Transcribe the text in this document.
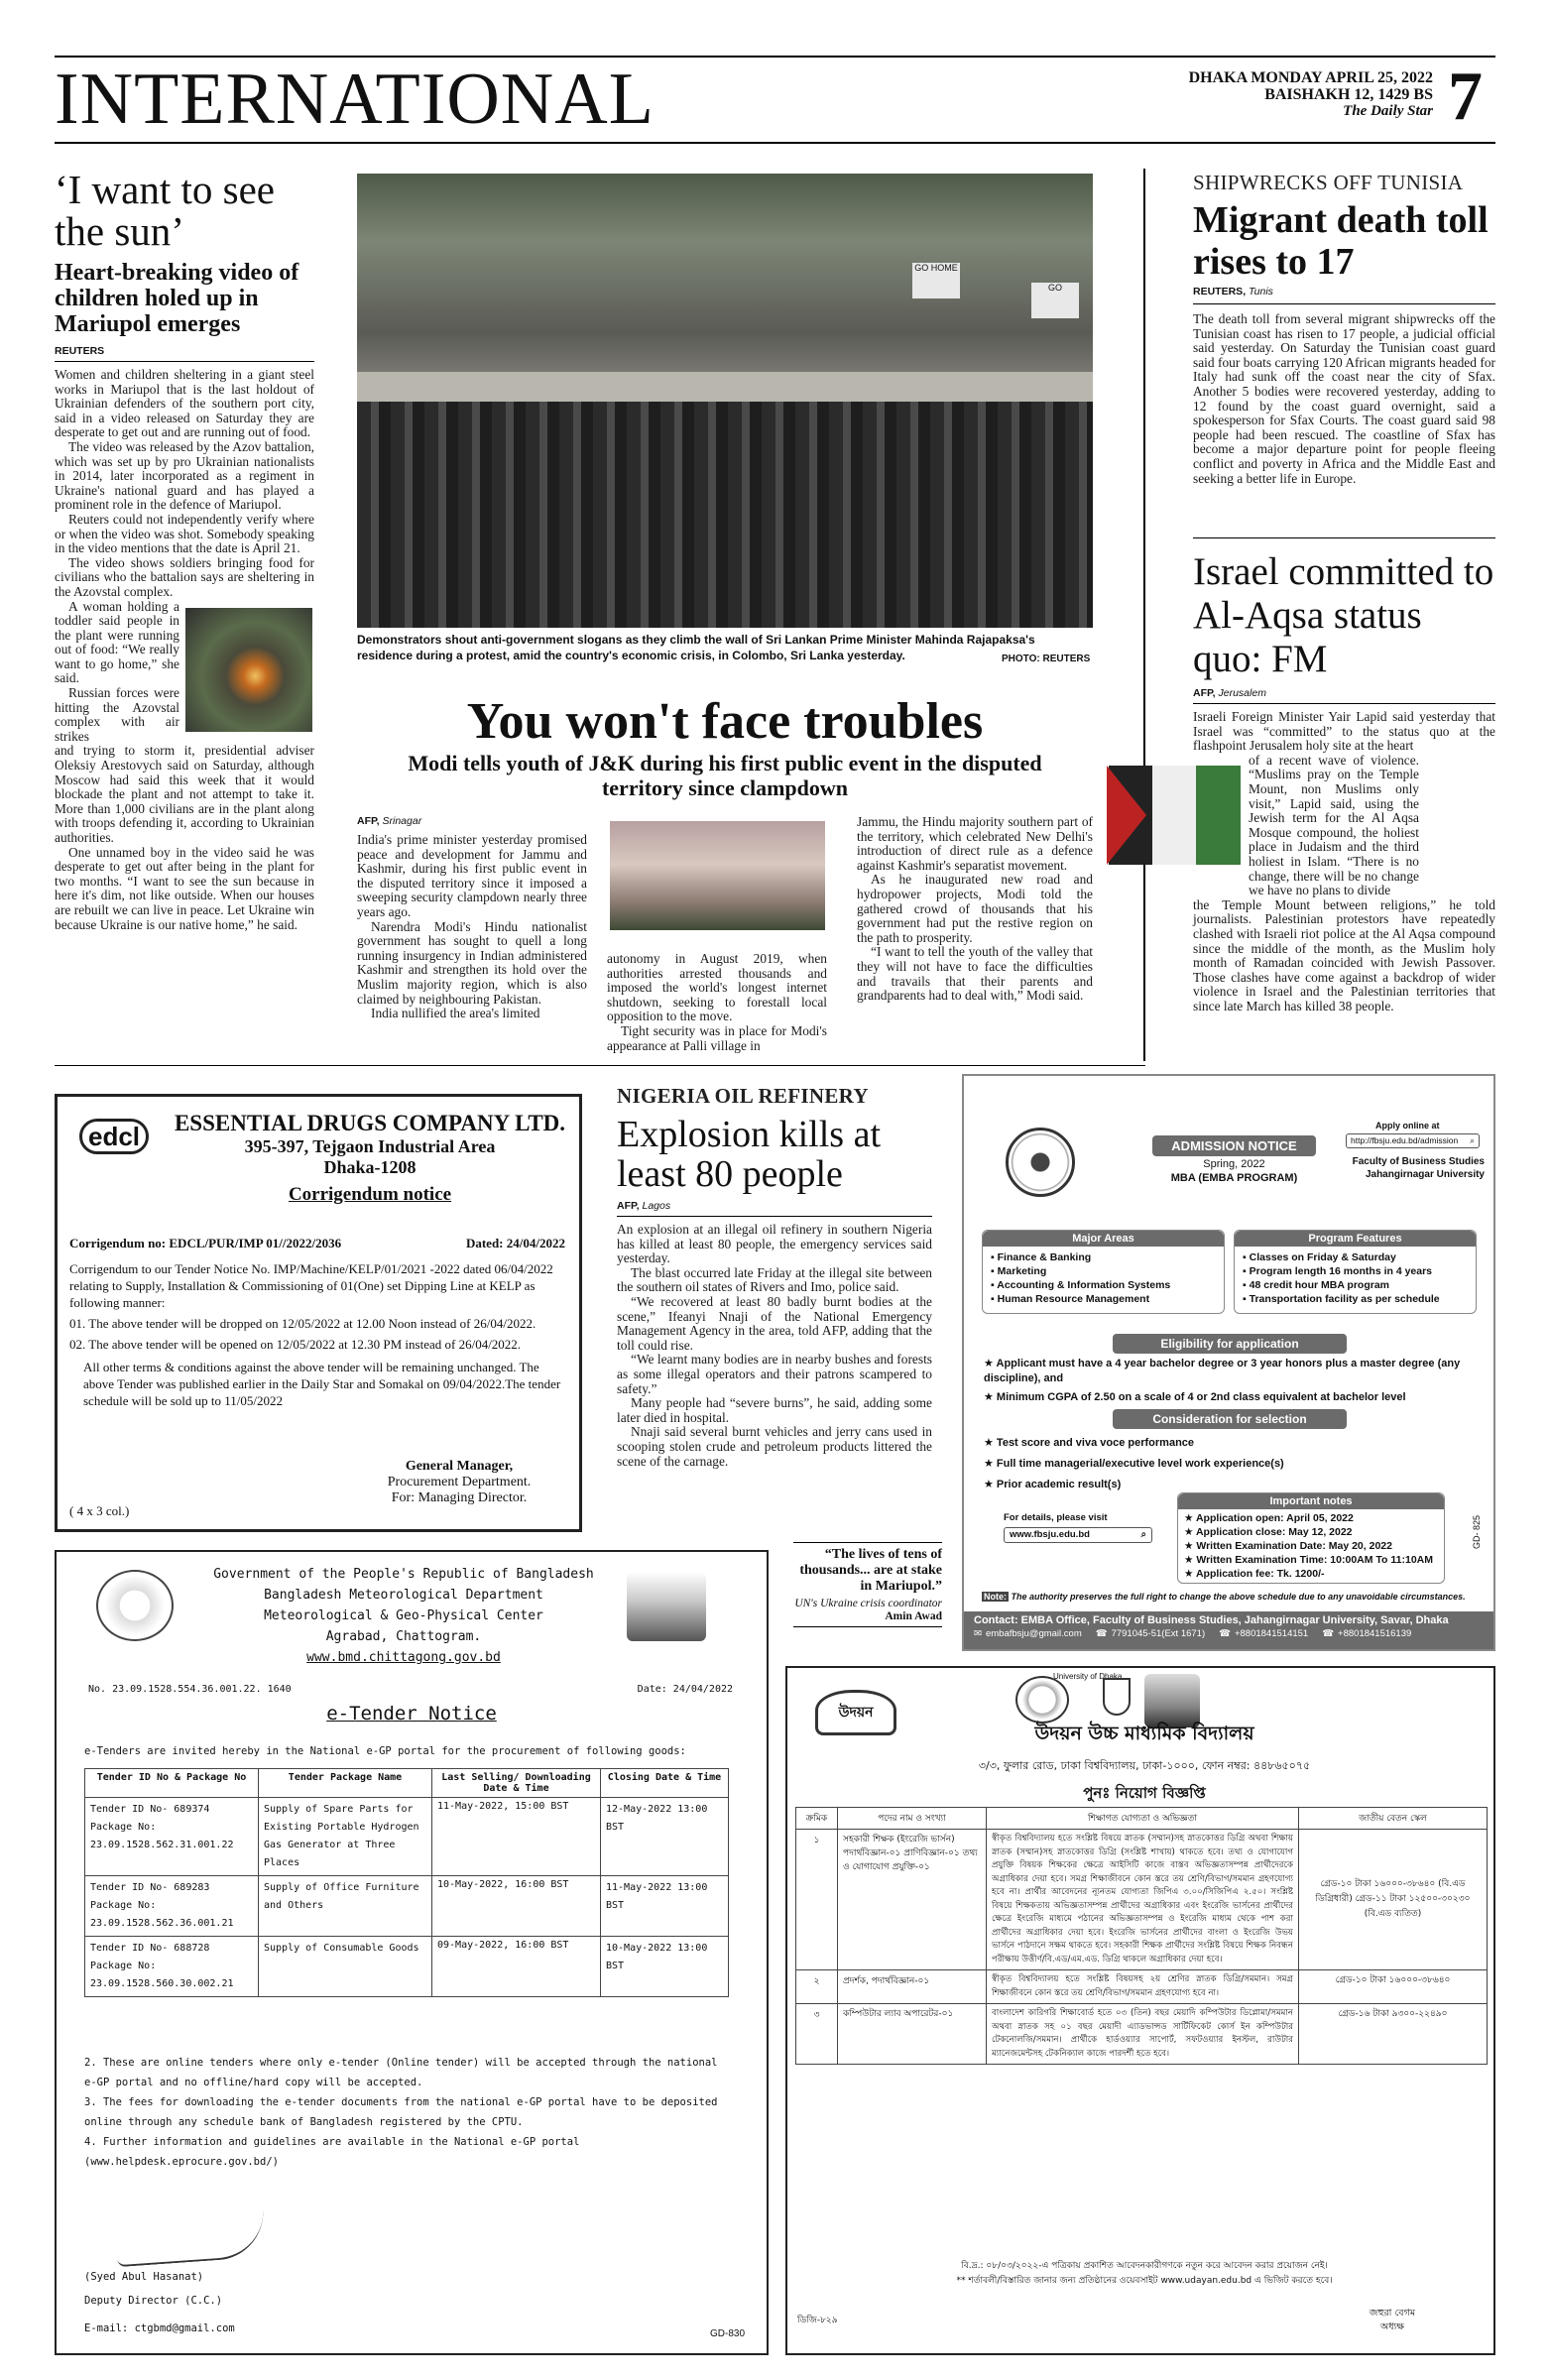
INTERNATIONAL	DHAKA MONDAY APRIL 25, 2022
BAISHAKH 12, 1429 BS
The Daily Star 7
‘I want to see the sun’
Heart-breaking video of children holed up in Mariupol emerges
REUTERS

Women and children sheltering in a giant steel works in Mariupol that is the last holdout of Ukrainian defenders of the southern port city, said in a video released on Saturday they are desperate to get out and are running out of food.

The video was released by the Azov battalion, which was set up by pro Ukrainian nationalists in 2014, later incorporated as a regiment in Ukraine's national guard and has played a prominent role in the defence of Mariupol.

Reuters could not independently verify where or when the video was shot. Somebody speaking in the video mentions that the date is April 21.

The video shows soldiers bringing food for civilians who the battalion says are sheltering in the Azovstal complex.

A woman holding a toddler said people in the plant were running out of food: “We really want to go home,” she said.

Russian forces were hitting the Azovstal complex with air strikes

and trying to storm it, presidential adviser Oleksiy Arestovych said on Saturday, although Moscow had said this week that it would blockade the plant and not attempt to take it. More than 1,000 civilians are in the plant along with troops defending it, according to Ukrainian authorities.

One unnamed boy in the video said he was desperate to get out after being in the plant for two months. “I want to see the sun because in here it's dim, not like outside. When our houses are rebuilt we can live in peace. Let Ukraine win because Ukraine is our native home,” he said.

GO HOME
GO
Demonstrators shout anti-government slogans as they climb the wall of Sri Lankan Prime Minister Mahinda Rajapaksa's residence during a protest, amid the country's economic crisis, in Colombo, Sri Lanka yesterday.	PHOTO: REUTERS
You won't face troubles
Modi tells youth of J&K during his first public event in the disputed territory since clampdown
AFP, Srinagar

India's prime minister yesterday promised peace and development for Jammu and Kashmir, during his first public event in the disputed territory since it imposed a sweeping security clampdown nearly three years ago.

Narendra Modi's Hindu nationalist government has sought to quell a long running insurgency in Indian administered Kashmir and strengthen its hold over the Muslim majority region, which is also claimed by neighbouring Pakistan.

India nullified the area's limited

autonomy in August 2019, when authorities arrested thousands and imposed the world's longest internet shutdown, seeking to forestall local opposition to the move.

Tight security was in place for Modi's appearance at Palli village in

Jammu, the Hindu majority southern part of the territory, which celebrated New Delhi's introduction of direct rule as a defence against Kashmir's separatist movement.

As he inaugurated new road and hydropower projects, Modi told the gathered crowd of thousands that his government had put the restive region on the path to prosperity.

“I want to tell the youth of the valley that they will not have to face the difficulties and travails that their parents and grandparents had to deal with,” Modi said.

SHIPWRECKS OFF TUNISIA
Migrant death toll rises to 17
REUTERS, Tunis

The death toll from several migrant shipwrecks off the Tunisian coast has risen to 17 people, a judicial official said yesterday. On Saturday the Tunisian coast guard said four boats carrying 120 African migrants headed for Italy had sunk off the coast near the city of Sfax. Another 5 bodies were recovered yesterday, adding to 12 found by the coast guard overnight, said a spokesperson for Sfax Courts. The coast guard said 98 people had been rescued. The coastline of Sfax has become a major departure point for people fleeing conflict and poverty in Africa and the Middle East and seeking a better life in Europe.

Israel committed to Al-Aqsa status quo: FM
AFP, Jerusalem

Israeli Foreign Minister Yair Lapid said yesterday that Israel was “committed” to the status quo at the flashpoint Jerusalem holy site at the heart

of a recent wave of violence. “Muslims pray on the Temple Mount, non Muslims only visit,” Lapid said, using the Jewish term for the Al Aqsa Mosque compound, the holiest place in Judaism and the third holiest in Islam. “There is no change, there will be no change we have no plans to divide

the Temple Mount between religions,” he told journalists. Palestinian protestors have repeatedly clashed with Israeli riot police at the Al Aqsa compound since the middle of the month, as the Muslim holy month of Ramadan coincided with Jewish Passover. Those clashes have come against a backdrop of wider violence in Israel and the Palestinian territories that since late March has killed 38 people.

edcl	ESSENTIAL DRUGS COMPANY LTD.
395-397, Tejgaon Industrial Area
Dhaka-1208
Corrigendum notice
Corrigendum no: EDCL/PUR/IMP 01//2022/2036	Dated: 24/04/2022

Corrigendum to our Tender Notice No. IMP/Machine/KELP/01/2021 -2022 dated 06/04/2022 relating to Supply, Installation & Commissioning of 01(One) set Dipping Line at KELP as following manner:

01. The above tender will be dropped on 12/05/2022 at 12.00 Noon instead of 26/04/2022.

02. The above tender will be opened on 12/05/2022 at 12.30 PM instead of 26/04/2022.

All other terms & conditions against the above tender will be remaining unchanged. The above Tender was published earlier in the Daily Star and Somakal on 09/04/2022.The tender schedule will be sold up to 11/05/2022

General Manager,
Procurement Department.
For: Managing Director.
( 4 x 3 col.)
Government of the People's Republic of Bangladesh
Bangladesh Meteorological Department
Meteorological & Geo-Physical Center
Agrabad, Chattogram.
www.bmd.chittagong.gov.bd
No. 23.09.1528.554.36.001.22. 1640	Date: 24/04/2022
e-Tender Notice
e-Tenders are invited hereby in the National e-GP portal for the procurement of following goods:
Tender ID No & Package No	Tender Package Name	Last Selling/ Downloading Date & Time	Closing Date & Time
Tender ID No- 689374 Package No: 23.09.1528.562.31.001.22	Supply of Spare Parts for Existing Portable Hydrogen Gas Generator at Three Places	11-May-2022, 15:00 BST	12-May-2022 13:00 BST
Tender ID No- 689283 Package No: 23.09.1528.562.36.001.21	Supply of Office Furniture and Others	10-May-2022, 16:00 BST	11-May-2022 13:00 BST
Tender ID No- 688728 Package No: 23.09.1528.560.30.002.21	Supply of Consumable Goods	09-May-2022, 16:00 BST	10-May-2022 13:00 BST

2. These are online tenders where only e-tender (Online tender) will be accepted through the national e-GP portal and no offline/hard copy will be accepted.

3. The fees for downloading the e-tender documents from the national e-GP portal have to be deposited online through any schedule bank of Bangladesh registered by the CPTU.

4. Further information and guidelines are available in the National e-GP portal (www.helpdesk.eprocure.gov.bd/)

(Syed Abul Hasanat)
Deputy Director (C.C.)
E-mail: ctgbmd@gmail.com	GD-830
NIGERIA OIL REFINERY
Explosion kills at least 80 people
AFP, Lagos

An explosion at an illegal oil refinery in southern Nigeria has killed at least 80 people, the emergency services said yesterday.

The blast occurred late Friday at the illegal site between the southern oil states of Rivers and Imo, police said.

“We recovered at least 80 badly burnt bodies at the scene,” Ifeanyi Nnaji of the National Emergency Management Agency in the area, told AFP, adding that the toll could rise.

“We learnt many bodies are in nearby bushes and forests as some illegal operators and their patrons scampered to safety.”

Many people had “severe burns”, he said, adding some later died in hospital.

Nnaji said several burnt vehicles and jerry cans used in scooping stolen crude and petroleum products littered the scene of the carnage.

“The lives of tens of thousands... are at stake in Mariupol.”
UN's Ukraine crisis coordinator
Amin Awad
ADMISSION NOTICE
Spring, 2022
MBA (EMBA PROGRAM)
Apply online at
http://fbsju.edu.bd/admission ⌕
Faculty of Business Studies
Jahangirnagar University
Major Areas
▪ Finance & Banking
▪ Marketing
▪ Accounting & Information Systems
▪ Human Resource Management
Program Features
▪ Classes on Friday & Saturday
▪ Program length 16 months in 4 years
▪ 48 credit hour MBA program
▪ Transportation facility as per schedule
Eligibility for application
★ Applicant must have a 4 year bachelor degree or 3 year honors plus a master degree (any discipline), and
★ Minimum CGPA of 2.50 on a scale of 4 or 2nd class equivalent at bachelor level
Consideration for selection
★ Test score and viva voce performance
★ Full time managerial/executive level work experience(s)
★ Prior academic result(s)
For details, please visit
www.fbsju.edu.bd	⌕
Important notes
★ Application open: April 05, 2022
★ Application close: May 12, 2022
★ Written Examination Date: May 20, 2022
★ Written Examination Time: 10:00AM To 11:10AM
★ Application fee: Tk. 1200/-
GD- 825
Note: The authority preserves the full right to change the above schedule due to any unavoidable circumstances.
Contact: EMBA Office, Faculty of Business Studies, Jahangirnagar University, Savar, Dhaka
✉ embafbsju@gmail.com ☎ 7791045-51(Ext 1671) ☎ +8801841514151 ☎ +8801841516139
উদয়ন
University of Dhaka
উদয়ন উচ্চ মাধ্যমিক বিদ্যালয়
৩/৩, ফুলার রোড, ঢাকা বিশ্ববিদ্যালয়, ঢাকা-১০০০, ফোন নম্বর: ৪৪৮৬৫০৭৫
পুনঃ নিয়োগ বিজ্ঞপ্তি
ক্রমিক	পদের নাম ও সংখ্যা	শিক্ষাগত যোগ্যতা ও অভিজ্ঞতা	জাতীয় বেতন স্কেল
১	সহকারী শিক্ষক (ইংরেজি ভার্সন) পদার্থবিজ্ঞান-০১ প্রাণিবিজ্ঞান-০১ তথ্য ও যোগাযোগ প্রযুক্তি-০১	স্বীকৃত বিশ্ববিদ্যালয় হতে সংশ্লিষ্ট বিষয়ে স্নাতক (সম্মান)সহ স্নাতকোত্তর ডিগ্রি অথবা শিক্ষায় স্নাতক (সম্মান)সহ স্নাতকোত্তর ডিগ্রি (সংশ্লিষ্ট শাখায়) থাকতে হবে। তথ্য ও যোগাযোগ প্রযুক্তি বিষয়ক শিক্ষকের ক্ষেত্রে আইসিটি কাজে বাস্তব অভিজ্ঞতাসম্পন্ন প্রার্থীদেরকে অগ্রাধিকার দেয়া হবে। সমগ্র শিক্ষাজীবনে কোন স্তরে তয় শ্রেণি/বিভাগ/সমমান গ্রহণযোগ্য হবে না। প্রার্থীর আবেদনের ন্যূনতম যোগ্যতা জিপিএ ৩.০০/সিজিপিএ ২.৫০। সংশ্লিষ্ট বিষয়ে শিক্ষকতায় অভিজ্ঞতাসম্পন্ন প্রার্থীদের অগ্রাধিকার এবং ইংরেজি ভার্সনের প্রার্থীদের ক্ষেত্রে ইংরেজি মাধ্যমে পঠানের অভিজ্ঞতাসম্পন্ন ও ইংরেজি মাধ্যম থেকে পাশ করা প্রার্থীদের অগ্রাধিকার দেয়া হবে। ইংরেজি ভার্সনের প্রার্থীদের বাংলা ও ইংরেজি উভয় ভার্সনে পাঠদানে সক্ষম থাকতে হবে। সহকারী শিক্ষক প্রার্থীদের সংশ্লিষ্ট বিষয়ে শিক্ষক নিবন্ধন পরীক্ষায় উত্তীর্ণ/বি.এড/এম.এড. ডিগ্রি থাকলে অগ্রাধিকার দেয়া হবে।	গ্রেড-১০ টাকা ১৬০০০-৩৮৬৪০ (বি.এড ডিগ্রিধারী) গ্রেড-১১ টাকা ১২৫০০-৩০২৩০ (বি.এড ব্যতিত)
২	প্রদর্শক, পদার্থবিজ্ঞান-০১	স্বীকৃত বিশ্ববিদ্যালয় হতে সংশ্লিষ্ট বিষয়সহ ২য় শ্রেণির স্নাতক ডিগ্রি/সমমান। সমগ্র শিক্ষাজীবনে কোন স্তরে তয় শ্রেণি/বিভাগ/সমমান গ্রহণযোগ্য হবে না।	গ্রেড-১০ টাকা ১৬০০০-৩৮৬৪০
৩	কম্পিউটার ল্যাব অপারেটর-০১	বাংলাদেশ কারিগরি শিক্ষাবোর্ড হতে ০৩ (তিন) বছর মেয়াদি কম্পিউটার ডিপ্লোমা/সমমান অথবা স্নাতক সহ ০১ বছর মেয়াদী এ্যাডভান্সড সার্টিফিকেট কোর্স ইন কম্পিউটার টেকনোলজি/সমমান। প্রার্থীকে হার্ডওয়্যার সাপোর্ট, সফটওয়্যার ইনস্টল, রাউটার ম্যানেজমেন্টসহ টেকনিক্যাল কাজে পারদর্শী হতে হবে।	গ্রেড-১৬ টাকা ৯৩০০-২২৪৯০
বি.দ্র.: ০৮/০৩/২০২২-এ পত্রিকায় প্রকাশিত আবেদনকারীগণকে নতুন করে আবেদন করার প্রয়োজন নেই।
** শর্তাবলী/বিস্তারিত জানার জন্য প্রতিষ্ঠানের ওয়েবসাইট www.udayan.edu.bd এ ভিজিট করতে হবে।
ডিজি-৮২৯
জহুরা বেগম
অধ্যক্ষ
